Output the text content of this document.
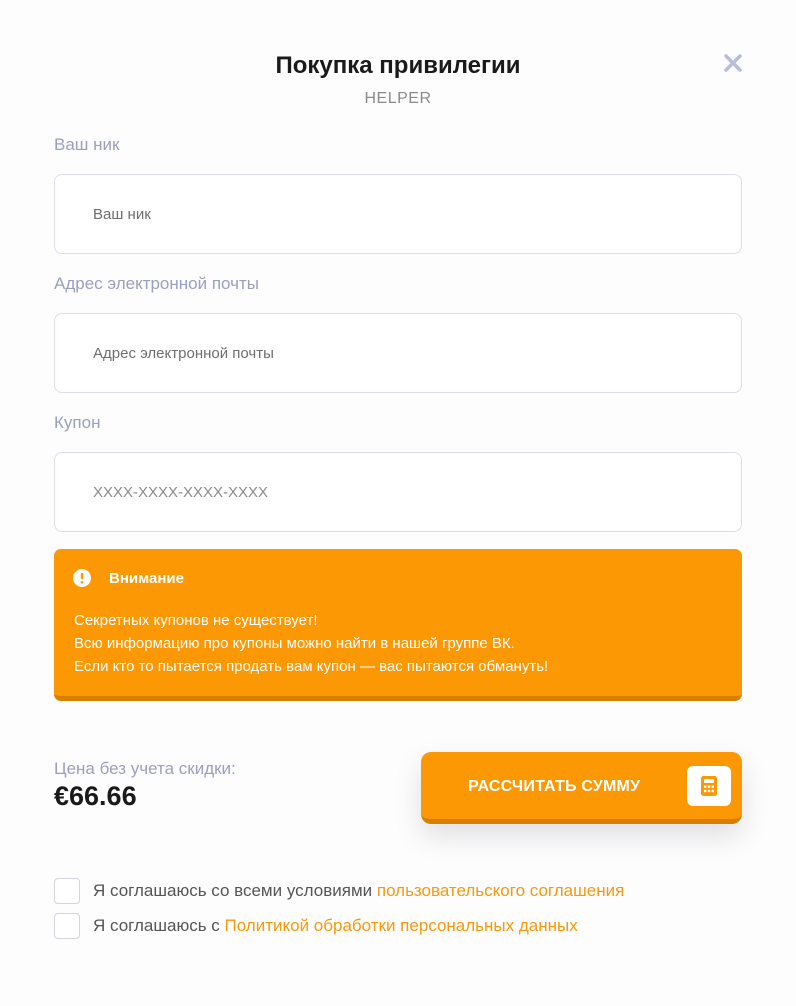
Покупка привилегии
HELPER
Ваш ник
Ваш ник
Адрес электронной почты
Адрес электронной почты
Купон
XXXX-XXXX-XXXX-XXXX
Внимание
Секретных купонов не существует!
Всю информацию про купоны можно найти в нашей группе ВК.
Если кто то пытается продать вам купон — вас пытаются обмануть!
Цена без учета скидки:
€66.66	РАССЧИТАТЬ СУММУ
Я соглашаюсь со всеми условиями пользовательского соглашения
Я соглашаюсь с Политикой обработки персональных данных
